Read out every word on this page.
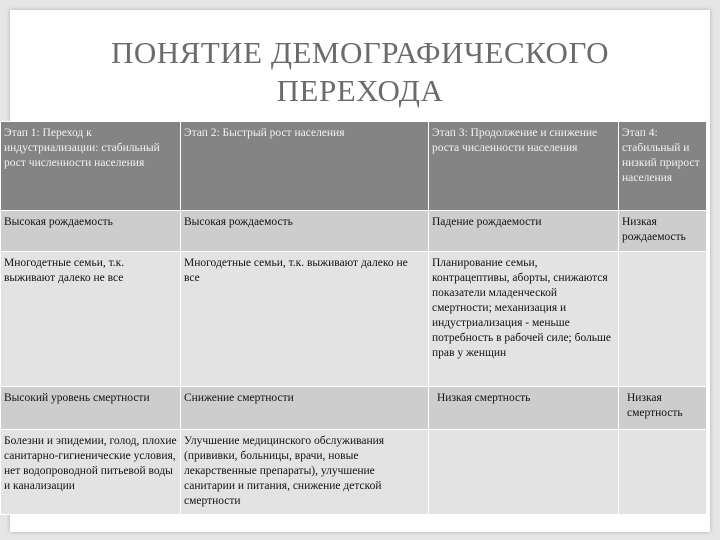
ПОНЯТИЕ ДЕМОГРАФИЧЕСКОГО
ПЕРЕХОДА
Этап 1: Переход к индустриализации: стабильный рост численности населения	Этап 2: Быстрый рост населения	Этап 3: Продолжение и снижение роста численности населения	Этап 4: стабильный и низкий прирост населения
Высокая рождаемость	Высокая рождаемость	Падение рождаемости	Низкая рождаемость
Многодетные семьи, т.к. выживают далеко не все	Многодетные семьи, т.к. выживают далеко не все	Планирование семьи, контрацептивы, аборты, снижаются показатели младенческой смертности; механизация и индустриализация - меньше потребность в рабочей силе; больше прав у женщин	
Высокий уровень смертности	Снижение смертности	Низкая смертность	Низкая смертность
Болезни и эпидемии, голод, плохие санитарно-гигиенические условия, нет водопроводной питьевой воды и канализации	Улучшение медицинского обслуживания (прививки, больницы, врачи, новые лекарственные препараты), улучшение санитарии и питания, снижение детской смертности		
